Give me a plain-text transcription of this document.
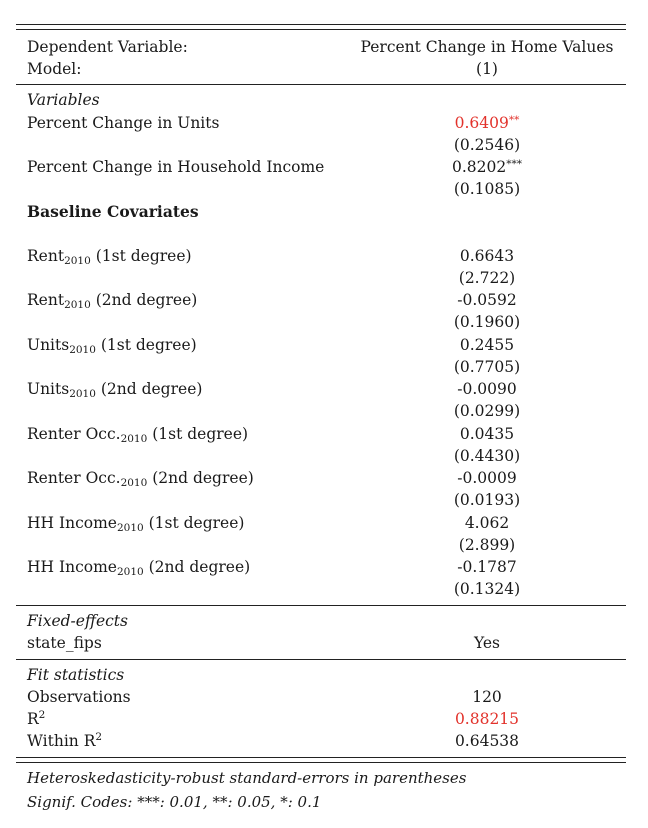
Dependent Variable:	Percent Change in Home Values
Model:	(1)
Variables
Percent Change in Units	0.6409**
(0.2546)
Percent Change in Household Income	0.8202***
(0.1085)
Baseline Covariates
Rent$_{2010}$ (1st degree)	0.6643
(2.722)
Rent$_{2010}$ (2nd degree)	-0.0592
(0.1960)
Units$_{2010}$ (1st degree)	0.2455
(0.7705)
Units$_{2010}$ (2nd degree)	-0.0090
(0.0299)
Renter $Occ._{2010}$ (1st degree)	0.0435
(0.4430)
Renter $Occ._{2010}$ (2nd degree)	-0.0009
(0.0193)
HH Income$_{2010}$ (1st degree)	4.062
(2.899)
HH Income$_{2010}$ (2nd degree)	-0.1787
(0.1324)
Fixed-effects
state_fips	Yes
Fit statistics
Observations	120
$R^2$	0.88215
Within $R^2$	0.64538
Heteroskedasticity-robust standard-errors in parentheses
Signif. Codes: ***: 0.01, **: 0.05, *: 0.1
